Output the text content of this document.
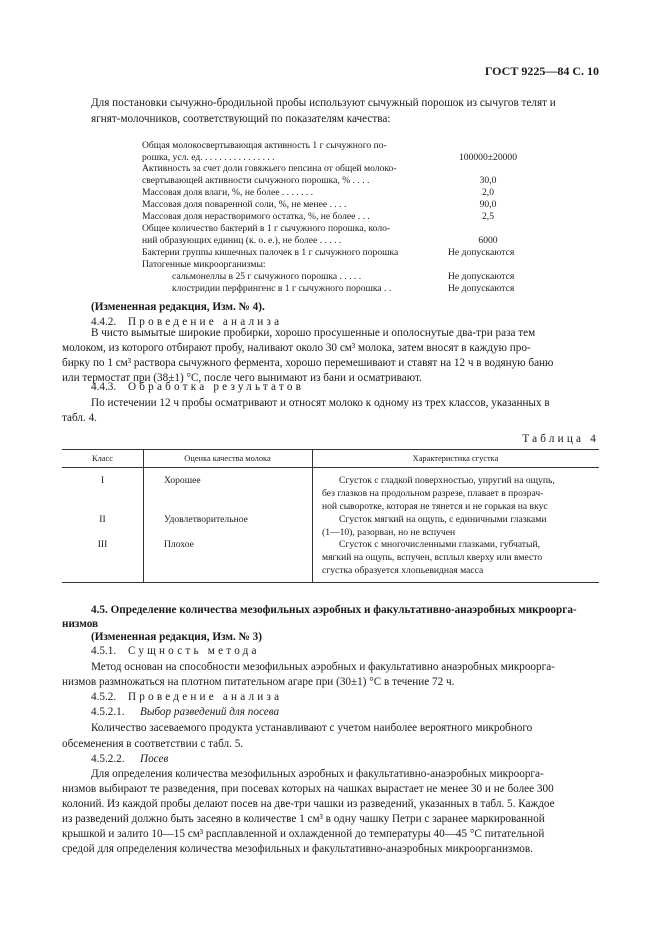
ГОСТ 9225—84 С. 10
Для постановки сычужно-бродильной пробы используют сычужный порошок из сычугов телят и
ягнят-молочников, соответствующий по показателям качества:
Общая молокосвертывающая активность 1 г сычужного по-
рошка, усл. ед. . . . . . . . . . . . . . . .	100000±20000
Активность за счет доли говяжьего пепсина от общей молоко-
свертывающей активности сычужного порошка, % . . . .	30,0
Массовая доля влаги, %, не более . . . . . . .	2,0
Массовая доля поваренной соли, %, не менее . . . .	90,0
Массовая доля нерастворимого остатка, %, не более . . .	2,5
Общее количество бактерий в 1 г сычужного порошка, коло-
ний образующих единиц (к. о. е.), не более . . . . .	6000
Бактерии группы кишечных палочек в 1 г сычужного порошка	Не допускаются
Патогенные микроорганизмы:
сальмонеллы в 25 г сычужного порошка . . . . .	Не допускаются
клостридии перфрингенс в 1 г сычужного порошка . .	Не допускаются
(Измененная редакция, Изм. № 4).
4.4.2. Проведение анализа
В чисто вымытые широкие пробирки, хорошо просушенные и ополоснутые два-три раза тем
молоком, из которого отбирают пробу, наливают около 30 см³ молока, затем вносят в каждую про-
бирку по 1 см³ раствора сычужного фермента, хорошо перемешивают и ставят на 12 ч в водяную баню
или термостат при (38±1) °С, после чего вынимают из бани и осматривают.
4.4.3. Обработка результатов
По истечении 12 ч пробы осматривают и относят молоко к одному из трех классов, указанных в
табл. 4.
Таблица 4
Класс	Оценка качества молока	Характеристика сгустка
I	Хорошее	Сгусток с гладкой поверхностью, упругий на ощупь,
без глазков на продольном разрезе, плавает в прозрач-
ной сыворотке, которая не тянется и не горькая на вкус
II	Удовлетворительное	Сгусток мягкий на ощупь, с единичными глазками
(1—10), разорван, но не вспучен
III	Плохое	Сгусток с многочисленными глазками, губчатый,
мягкий на ощупь, вспучен, всплыл кверху или вместо
сгустка образуется хлопьевидная масса
4.5. Определение количества мезофильных аэробных и факультативно-анаэробных микроорга-
низмов
(Измененная редакция, Изм. № 3)
4.5.1. Сущность метода
Метод основан на способности мезофильных аэробных и факультативно анаэробных микроорга-
низмов размножаться на плотном питательном агаре при (30±1) °С в течение 72 ч.
4.5.2. Проведение анализа
4.5.2.1. Выбор разведений для посева
Количество засеваемого продукта устанавливают с учетом наиболее вероятного микробного
обсеменения в соответствии с табл. 5.
4.5.2.2. Посев
Для определения количества мезофильных аэробных и факультативно-анаэробных микроорга-
низмов выбирают те разведения, при посевах которых на чашках вырастает не менее 30 и не более 300
колоний. Из каждой пробы делают посев на две-три чашки из разведений, указанных в табл. 5. Каждое
из разведений должно быть засеяно в количестве 1 см³ в одну чашку Петри с заранее маркированной
крышкой и залито 10—15 см³ расплавленной и охлажденной до температуры 40—45 °С питательной
средой для определения количества мезофильных и факультативно-анаэробных микроорганизмов.
